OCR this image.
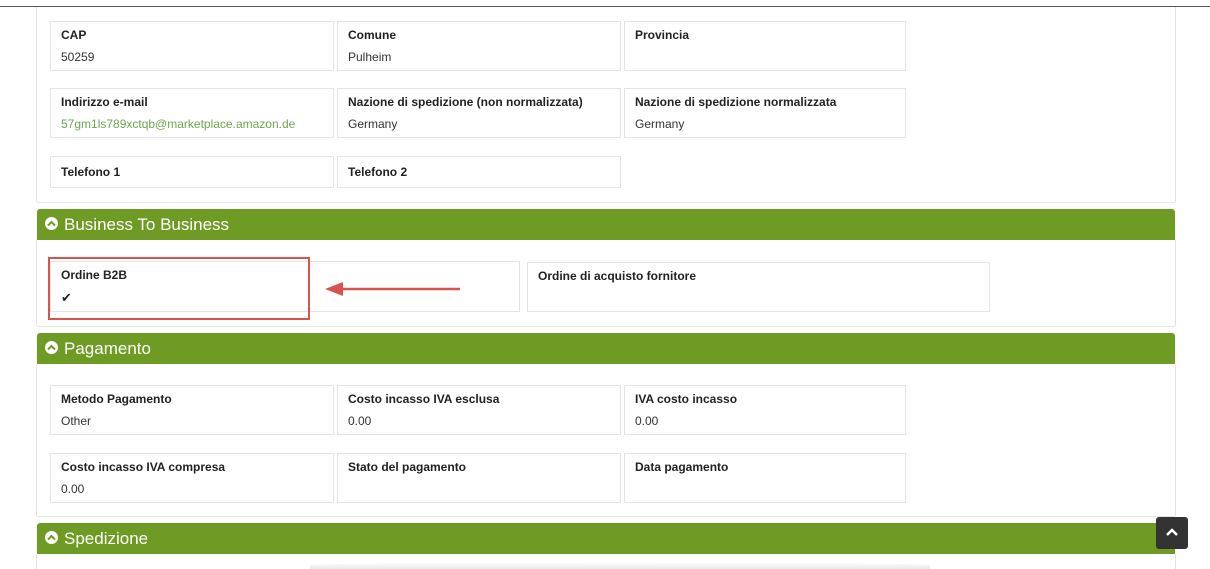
CAP
50259
Comune
Pulheim
Provincia
Indirizzo e-mail
57gm1ls789xctqb@marketplace.amazon.de
Nazione di spedizione (non normalizzata)
Germany
Nazione di spedizione normalizzata
Germany
Telefono 1	Telefono 2
Business To Business
Ordine B2B
✔
Ordine di acquisto fornitore
Pagamento
Metodo Pagamento
Other
Costo incasso IVA esclusa
0.00
IVA costo incasso
0.00
Costo incasso IVA compresa
0.00
Stato del pagamento	Data pagamento
Spedizione
